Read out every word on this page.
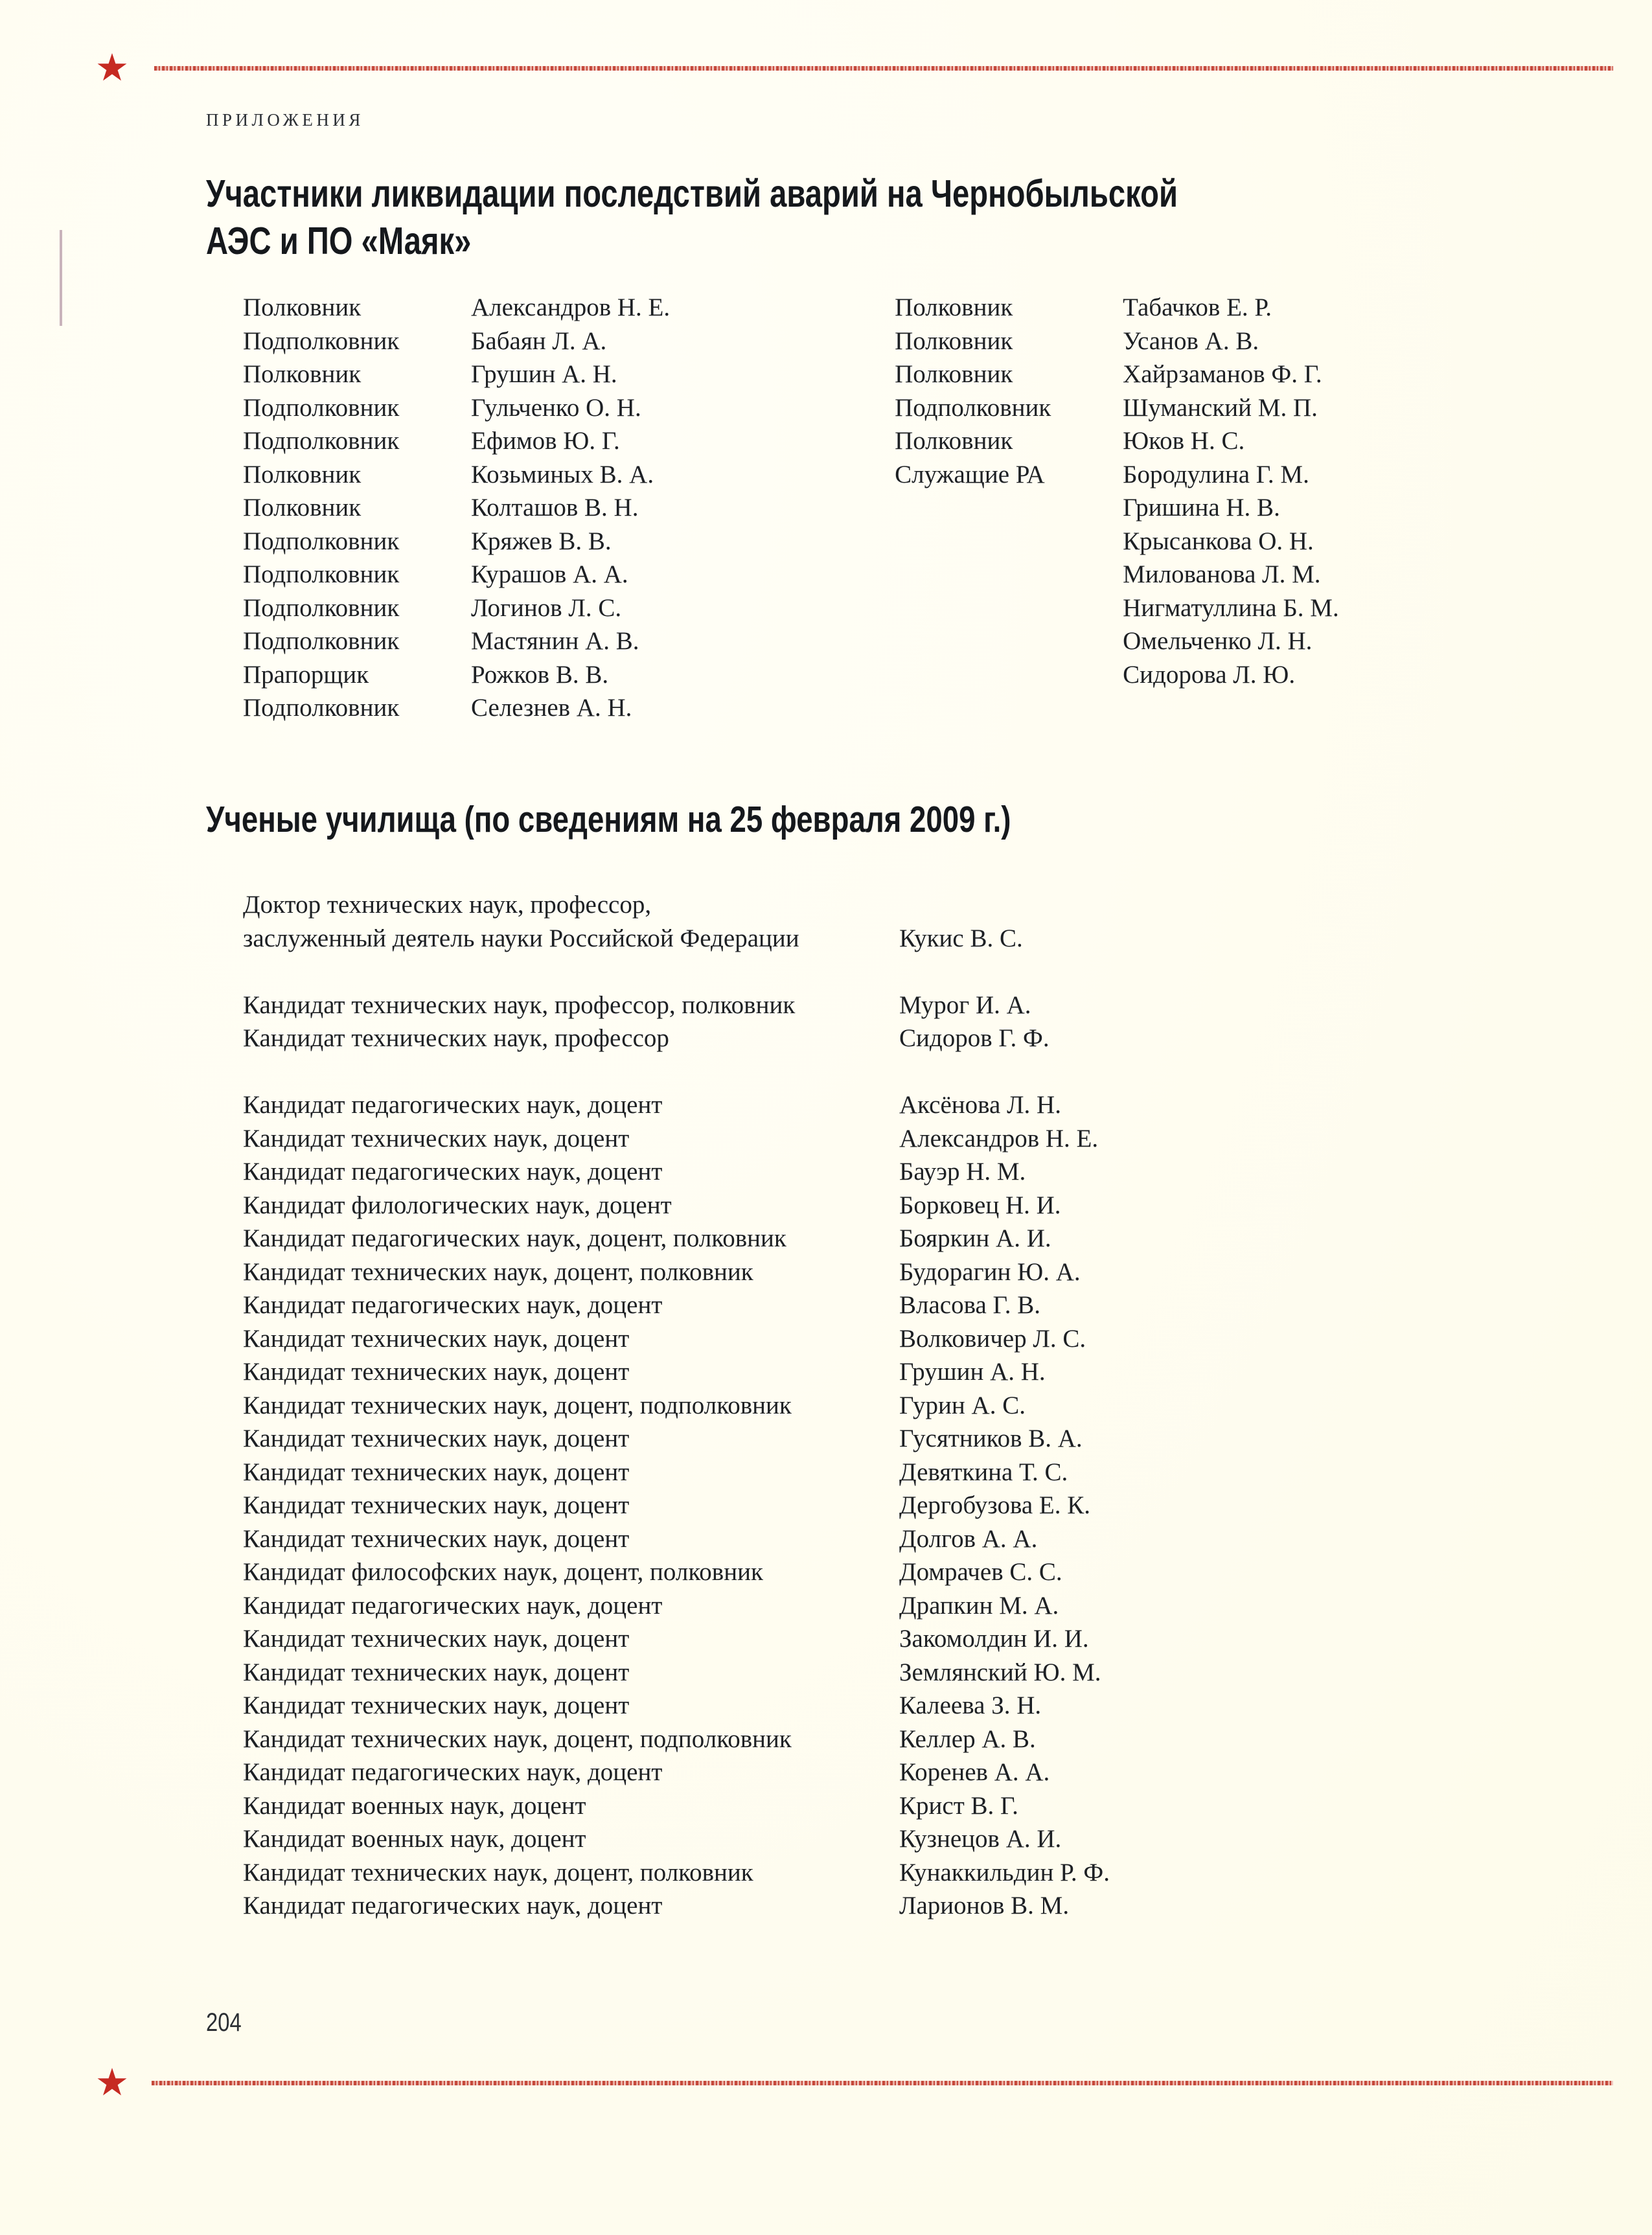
ПРИЛОЖЕНИЯ
Участники ликвидации последствий аварий на Чернобыльской
АЭС и ПО «Маяк»
Полковник	Александров Н. Е.
Подполковник	Бабаян Л. А.
Полковник	Грушин А. Н.
Подполковник	Гульченко О. Н.
Подполковник	Ефимов Ю. Г.
Полковник	Козьминых В. А.
Полковник	Колташов В. Н.
Подполковник	Кряжев В. В.
Подполковник	Курашов А. А.
Подполковник	Логинов Л. С.
Подполковник	Мастянин А. В.
Прапорщик	Рожков В. В.
Подполковник	Селезнев А. Н.
Полковник	Табачков Е. Р.
Полковник	Усанов А. В.
Полковник	Хайрзаманов Ф. Г.
Подполковник	Шуманский М. П.
Полковник	Юков Н. С.
Служащие РА	Бородулина Г. М.
Гришина Н. В.
Крысанкова О. Н.
Милованова Л. М.
Нигматуллина Б. М.
Омельченко Л. Н.
Сидорова Л. Ю.
Ученые училища (по сведениям на 25 февраля 2009 г.)
Доктор технических наук, профессор,
заслуженный деятель науки Российской Федерации	Кукис В. С.
Кандидат технических наук, профессор, полковник	Мурог И. А.
Кандидат технических наук, профессор	Сидоров Г. Ф.
Кандидат педагогических наук, доцент	Аксёнова Л. Н.
Кандидат технических наук, доцент	Александров Н. Е.
Кандидат педагогических наук, доцент	Бауэр Н. М.
Кандидат филологических наук, доцент	Борковец Н. И.
Кандидат педагогических наук, доцент, полковник	Бояркин А. И.
Кандидат технических наук, доцент, полковник	Будорагин Ю. А.
Кандидат педагогических наук, доцент	Власова Г. В.
Кандидат технических наук, доцент	Волковичер Л. С.
Кандидат технических наук, доцент	Грушин А. Н.
Кандидат технических наук, доцент, подполковник	Гурин А. С.
Кандидат технических наук, доцент	Гусятников В. А.
Кандидат технических наук, доцент	Девяткина Т. С.
Кандидат технических наук, доцент	Дергобузова Е. К.
Кандидат технических наук, доцент	Долгов А. А.
Кандидат философских наук, доцент, полковник	Домрачев С. С.
Кандидат педагогических наук, доцент	Драпкин М. А.
Кандидат технических наук, доцент	Закомолдин И. И.
Кандидат технических наук, доцент	Землянский Ю. М.
Кандидат технических наук, доцент	Калеева З. Н.
Кандидат технических наук, доцент, подполковник	Келлер А. В.
Кандидат педагогических наук, доцент	Коренев А. А.
Кандидат военных наук, доцент	Крист В. Г.
Кандидат военных наук, доцент	Кузнецов А. И.
Кандидат технических наук, доцент, полковник	Кунаккильдин Р. Ф.
Кандидат педагогических наук, доцент	Ларионов В. М.
204
